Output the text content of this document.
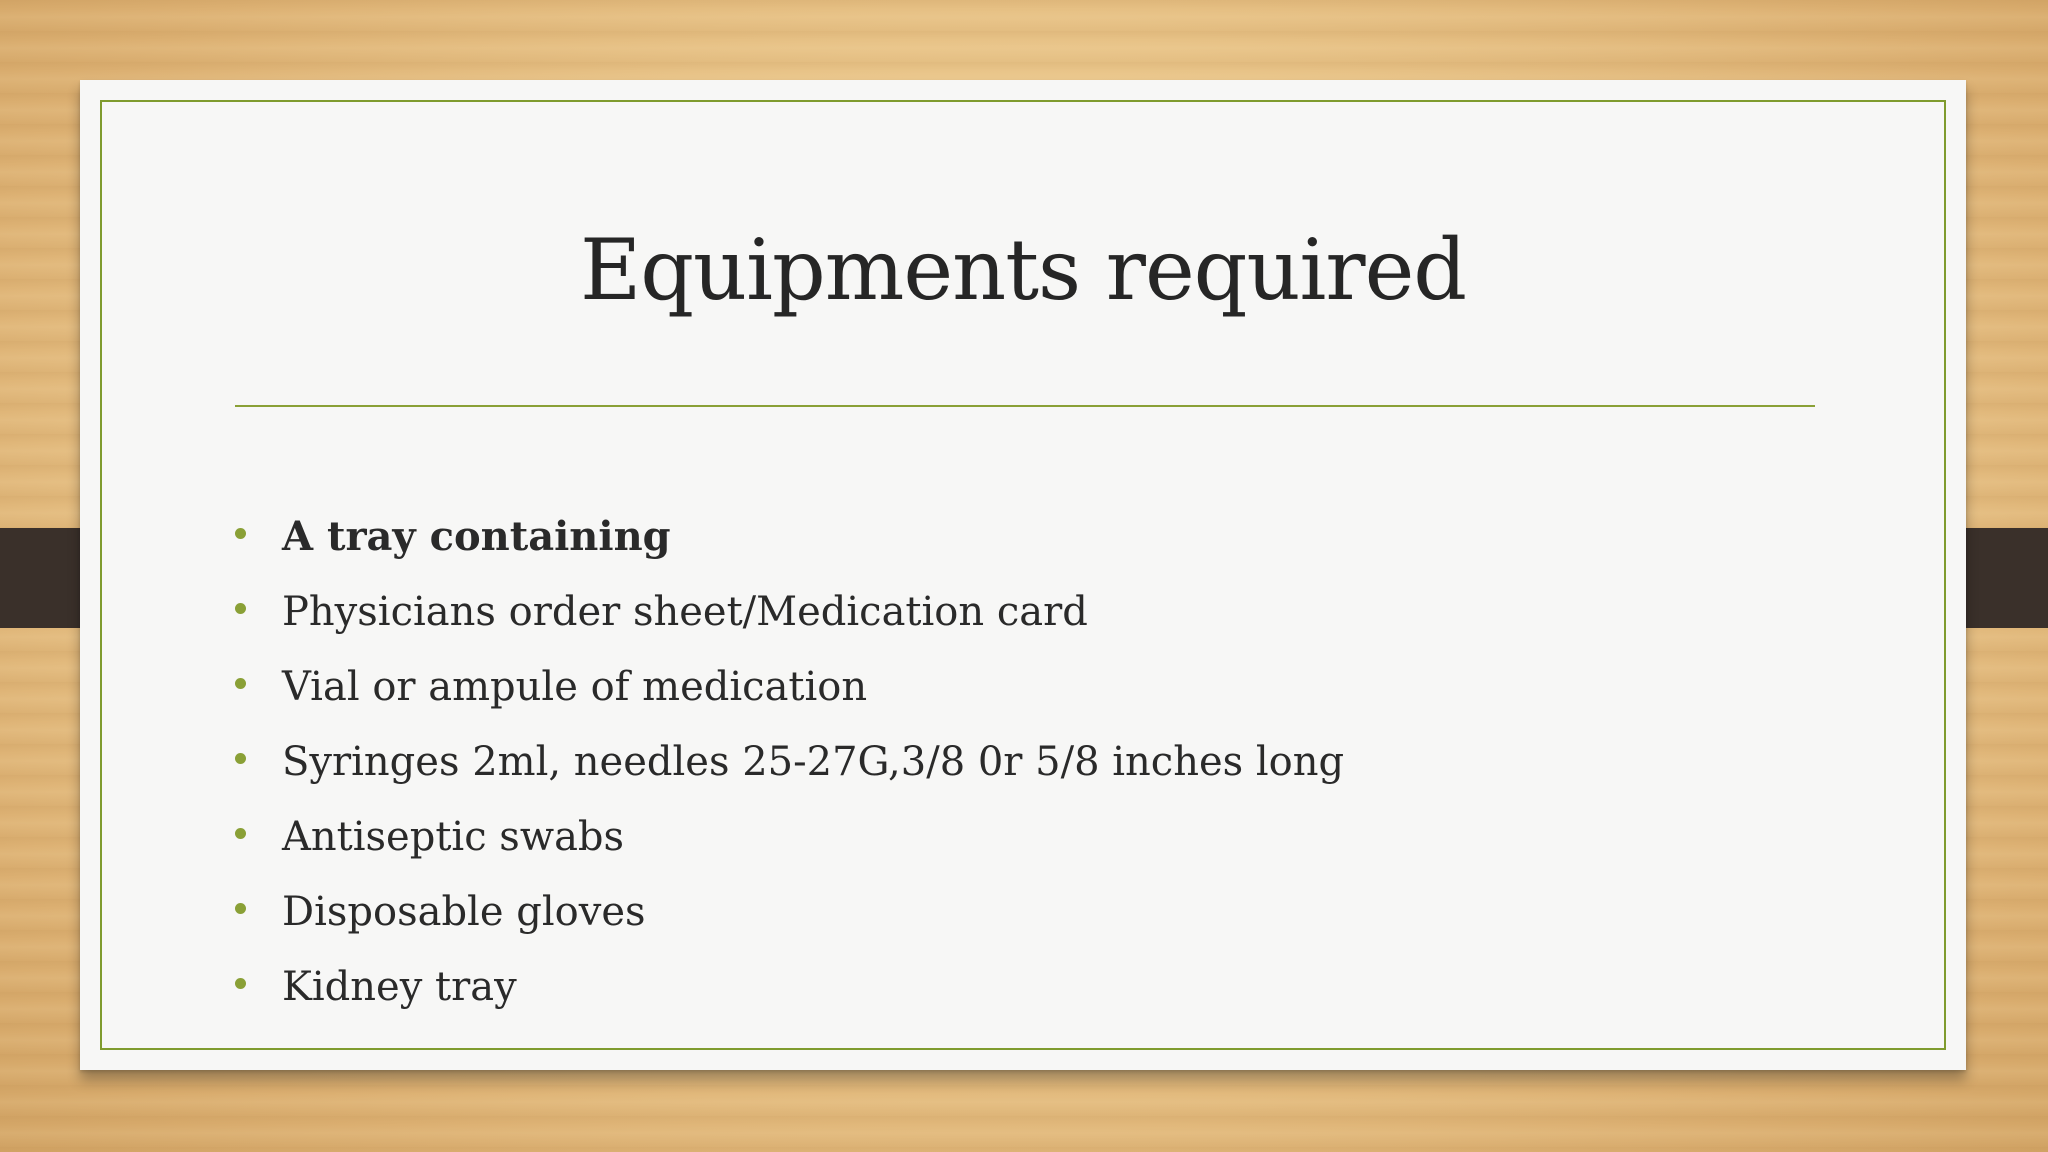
Equipments required
A tray containing
Physicians order sheet/Medication card
Vial or ampule of medication
Syringes 2ml, needles 25-27G,3/8 0r 5/8 inches long
Antiseptic swabs
Disposable gloves
Kidney tray
